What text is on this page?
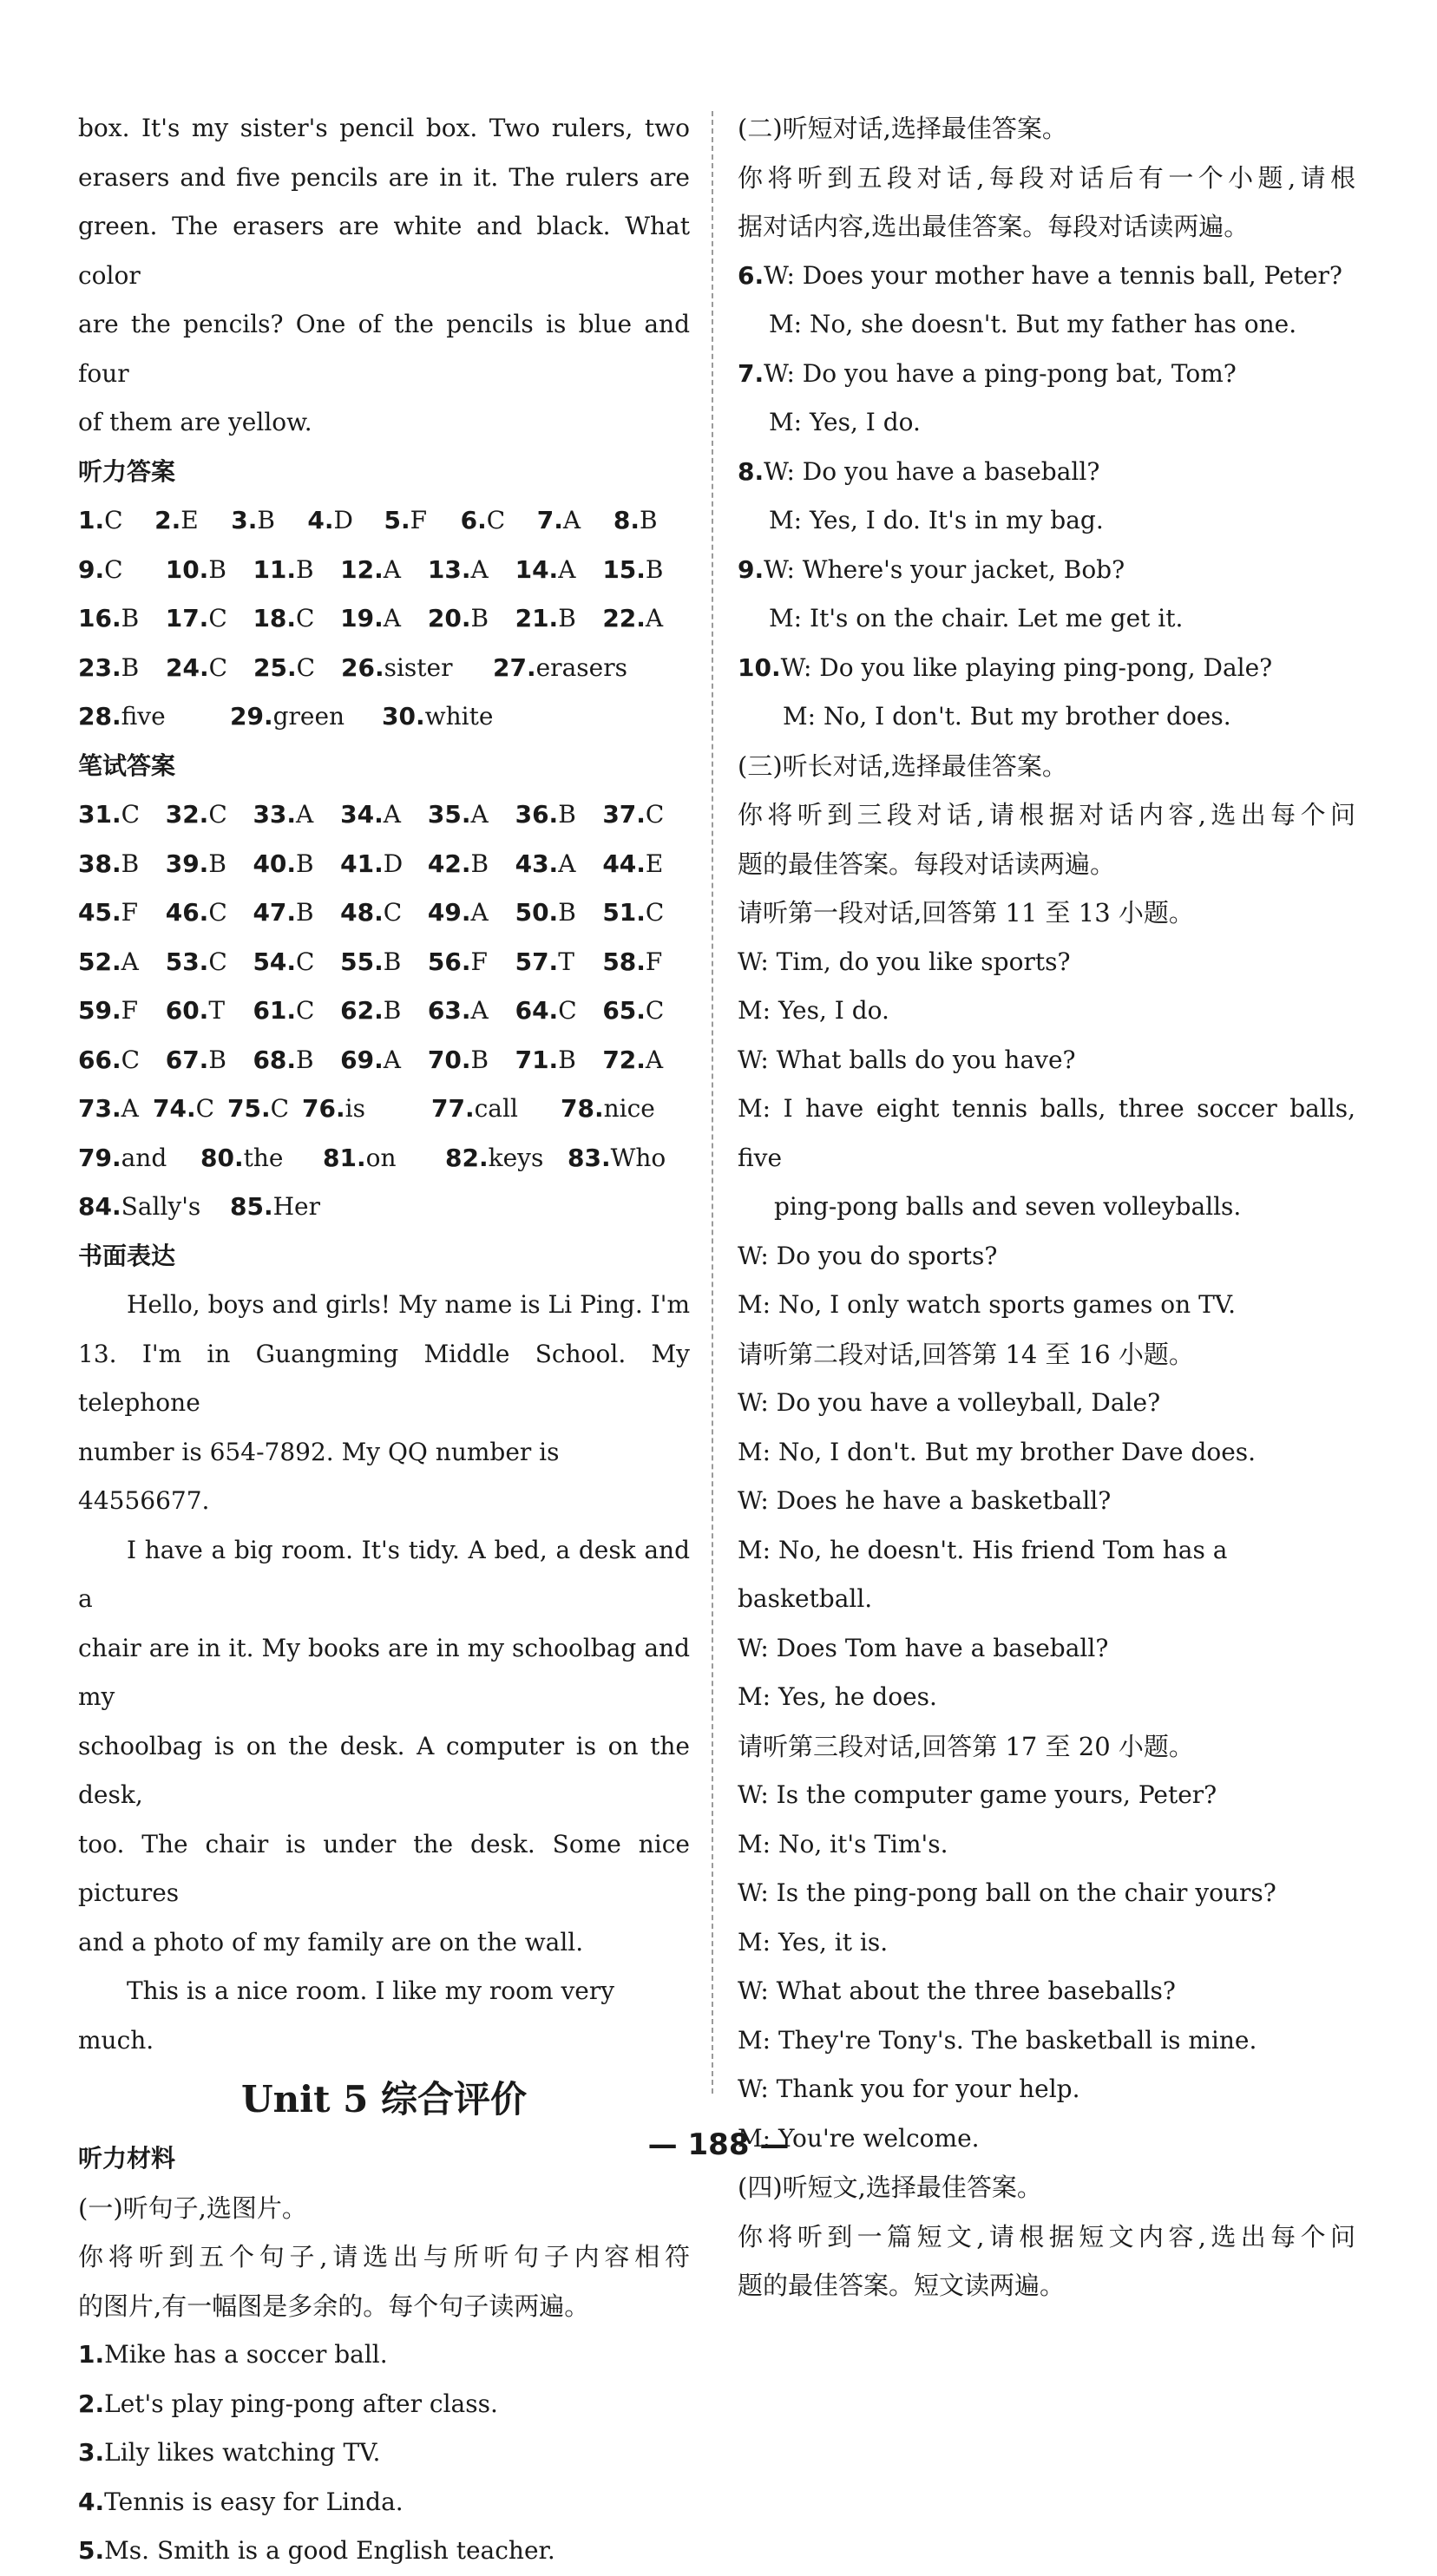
box. It's my sister's pencil box. Two rulers, two
erasers and five pencils are in it. The rulers are
green. The erasers are white and black. What color
are the pencils? One of the pencils is blue and four
of them are yellow.
听力答案
1.C	2.E	3.B	4.D	5.F	6.C	7.A	8.B
9.C	10.B	11.B	12.A	13.A	14.A	15.B
16.B	17.C	18.C	19.A	20.B	21.B	22.A
23.B	24.C	25.C	26.sister	27.erasers
28.five	29.green	30.white
笔试答案
31.C	32.C	33.A	34.A	35.A	36.B	37.C
38.B	39.B	40.B	41.D	42.B	43.A	44.E
45.F	46.C	47.B	48.C	49.A	50.B	51.C
52.A	53.C	54.C	55.B	56.F	57.T	58.F
59.F	60.T	61.C	62.B	63.A	64.C	65.C
66.C	67.B	68.B	69.A	70.B	71.B	72.A
73.A 74.C 75.C 76.is	77.call	78.nice
79.and	80.the	81.on	82.keys 83.Who
84.Sally's	85.Her
书面表达
Hello, boys and girls! My name is Li Ping. I'm
13. I'm in Guangming Middle School. My telephone
number is 654-7892. My QQ number is 44556677.
I have a big room. It's tidy. A bed, a desk and a
chair are in it. My books are in my schoolbag and my
schoolbag is on the desk. A computer is on the desk,
too. The chair is under the desk. Some nice pictures
and a photo of my family are on the wall.
This is a nice room. I like my room very much.
Unit 5 综合评价
听力材料
(一)听句子,选图片。
你将听到五个句子,请选出与所听句子内容相符
的图片,有一幅图是多余的。每个句子读两遍。
1.Mike has a soccer ball.
2.Let's play ping-pong after class.
3.Lily likes watching TV.
4.Tennis is easy for Linda.
5.Ms. Smith is a good English teacher.
(二)听短对话,选择最佳答案。
你将听到五段对话,每段对话后有一个小题,请根
据对话内容,选出最佳答案。每段对话读两遍。
6.W: Does your mother have a tennis ball, Peter?
M: No, she doesn't. But my father has one.
7.W: Do you have a ping-pong bat, Tom?
M: Yes, I do.
8.W: Do you have a baseball?
M: Yes, I do. It's in my bag.
9.W: Where's your jacket, Bob?
M: It's on the chair. Let me get it.
10.W: Do you like playing ping-pong, Dale?
M: No, I don't. But my brother does.
(三)听长对话,选择最佳答案。
你将听到三段对话,请根据对话内容,选出每个问
题的最佳答案。每段对话读两遍。
请听第一段对话,回答第 11 至 13 小题。
W: Tim, do you like sports?
M: Yes, I do.
W: What balls do you have?
M: I have eight tennis balls, three soccer balls, five
ping-pong balls and seven volleyballs.
W: Do you do sports?
M: No, I only watch sports games on TV.
请听第二段对话,回答第 14 至 16 小题。
W: Do you have a volleyball, Dale?
M: No, I don't. But my brother Dave does.
W: Does he have a basketball?
M: No, he doesn't. His friend Tom has a basketball.
W: Does Tom have a baseball?
M: Yes, he does.
请听第三段对话,回答第 17 至 20 小题。
W: Is the computer game yours, Peter?
M: No, it's Tim's.
W: Is the ping-pong ball on the chair yours?
M: Yes, it is.
W: What about the three baseballs?
M: They're Tony's. The basketball is mine.
W: Thank you for your help.
M: You're welcome.
(四)听短文,选择最佳答案。
你将听到一篇短文,请根据短文内容,选出每个问
题的最佳答案。短文读两遍。
— 188 —
